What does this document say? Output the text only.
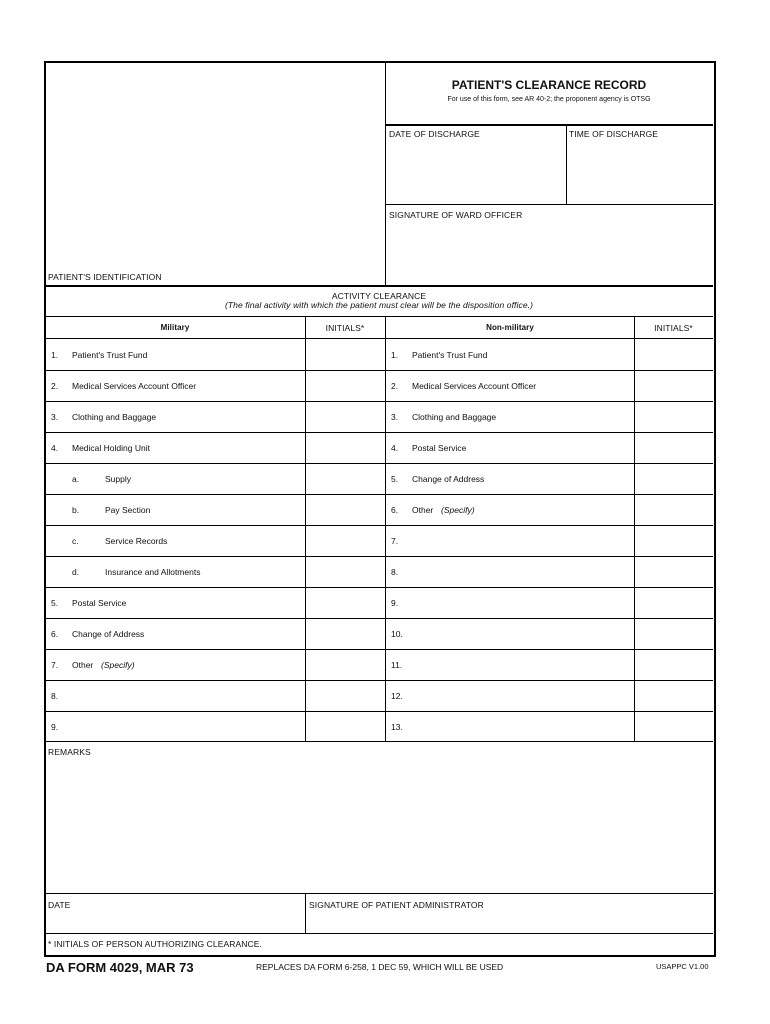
PATIENT'S CLEARANCE RECORD
For use of this form, see AR 40-2; the proponent agency is OTSG
PATIENT'S IDENTIFICATION
DATE OF DISCHARGE	TIME OF DISCHARGE
SIGNATURE OF WARD OFFICER
ACTIVITY CLEARANCE
(The final activity with which the patient must clear will be the disposition office.)
Military	INITIALS*	Non-military	INITIALS*
1. Patient's Trust Fund	1. Patient's Trust Fund
2. Medical Services Account Officer	2. Medical Services Account Officer
3. Clothing and Baggage	3. Clothing and Baggage
4. Medical Holding Unit	4. Postal Service
a.	Supply	5. Change of Address
b.	Pay Section	6. Other (Specify)
c.	Service Records	7.
d.	Insurance and Allotments	8.
5. Postal Service	9.
6. Change of Address	10.
7. Other (Specify)	11.
8.	12.
9.	13.
REMARKS
DATE	SIGNATURE OF PATIENT ADMINISTRATOR
* INITIALS OF PERSON AUTHORIZING CLEARANCE.
DA FORM 4029, MAR 73	REPLACES DA FORM 6-258, 1 DEC 59, WHICH WILL BE USED	USAPPC V1.00
